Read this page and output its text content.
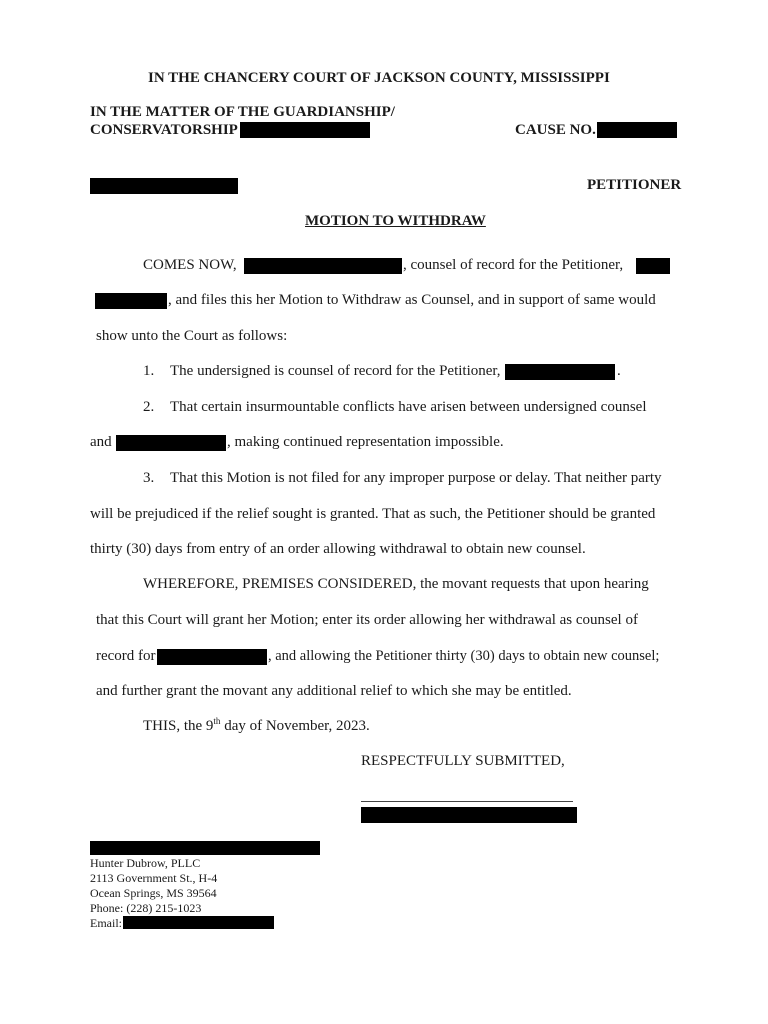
IN THE CHANCERY COURT OF JACKSON COUNTY, MISSISSIPPI
IN THE MATTER OF THE GUARDIANSHIP/
CONSERVATORSHIP	CAUSE NO.
PETITIONER
MOTION TO WITHDRAW
COMES NOW,	, counsel of record for the Petitioner,
, and files this her Motion to Withdraw as Counsel, and in support of same would
show unto the Court as follows:
1. The undersigned is counsel of record for the Petitioner,	.
2. That certain insurmountable conflicts have arisen between undersigned counsel
and	, making continued representation impossible.
3. That this Motion is not filed for any improper purpose or delay. That neither party
will be prejudiced if the relief sought is granted. That as such, the Petitioner should be granted
thirty (30) days from entry of an order allowing withdrawal to obtain new counsel.
WHEREFORE, PREMISES CONSIDERED, the movant requests that upon hearing
that this Court will grant her Motion; enter its order allowing her withdrawal as counsel of
record for	, and allowing the Petitioner thirty (30) days to obtain new counsel;
and further grant the movant any additional relief to which she may be entitled.
THIS, the 9th day of November, 2023.
RESPECTFULLY SUBMITTED,
Hunter Dubrow, PLLC
2113 Government St., H-4
Ocean Springs, MS 39564
Phone: (228) 215-1023
Email:
